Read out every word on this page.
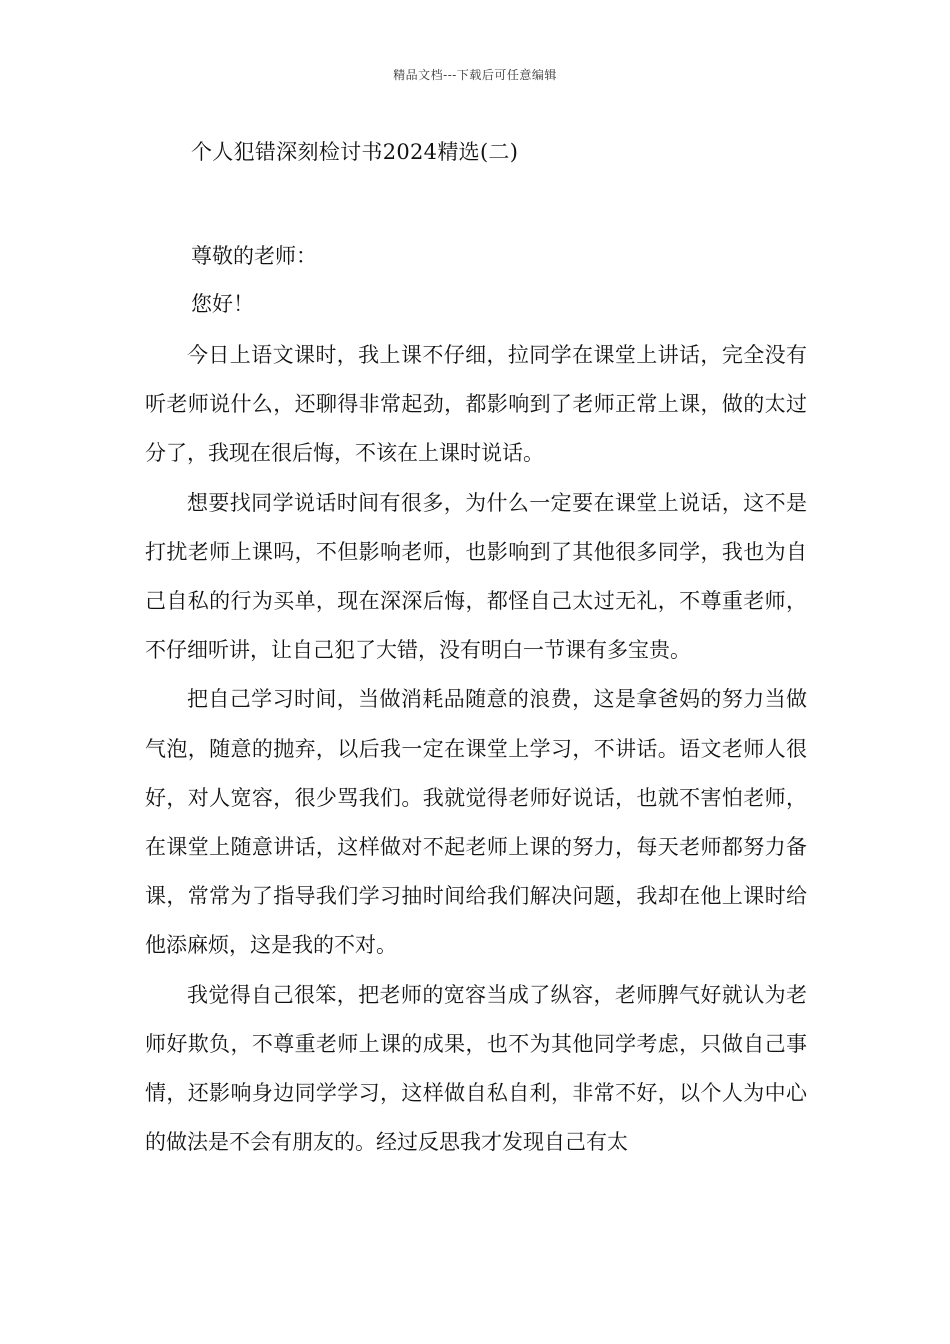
精品文档---下载后可任意编辑
个人犯错深刻检讨书2024精选(二)
尊敬的老师：
您好！

今日上语文课时，我上课不仔细，拉同学在课堂上讲话，完全没有听老师说什么，还聊得非常起劲，都影响到了老师正常上课，做的太过分了，我现在很后悔，不该在上课时说话。

想要找同学说话时间有很多，为什么一定要在课堂上说话，这不是打扰老师上课吗，不但影响老师，也影响到了其他很多同学，我也为自己自私的行为买单，现在深深后悔，都怪自己太过无礼，不尊重老师，不仔细听讲，让自己犯了大错，没有明白一节课有多宝贵。

把自己学习时间，当做消耗品随意的浪费，这是拿爸妈的努力当做气泡，随意的抛弃，以后我一定在课堂上学习，不讲话。语文老师人很好，对人宽容，很少骂我们。我就觉得老师好说话，也就不害怕老师，在课堂上随意讲话，这样做对不起老师上课的努力，每天老师都努力备课，常常为了指导我们学习抽时间给我们解决问题，我却在他上课时给他添麻烦，这是我的不对。

我觉得自己很笨，把老师的宽容当成了纵容，老师脾气好就认为老师好欺负，不尊重老师上课的成果，也不为其他同学考虑，只做自己事情，还影响身边同学学习，这样做自私自利，非常不好，以个人为中心的做法是不会有朋友的。经过反思我才发现自己有太
